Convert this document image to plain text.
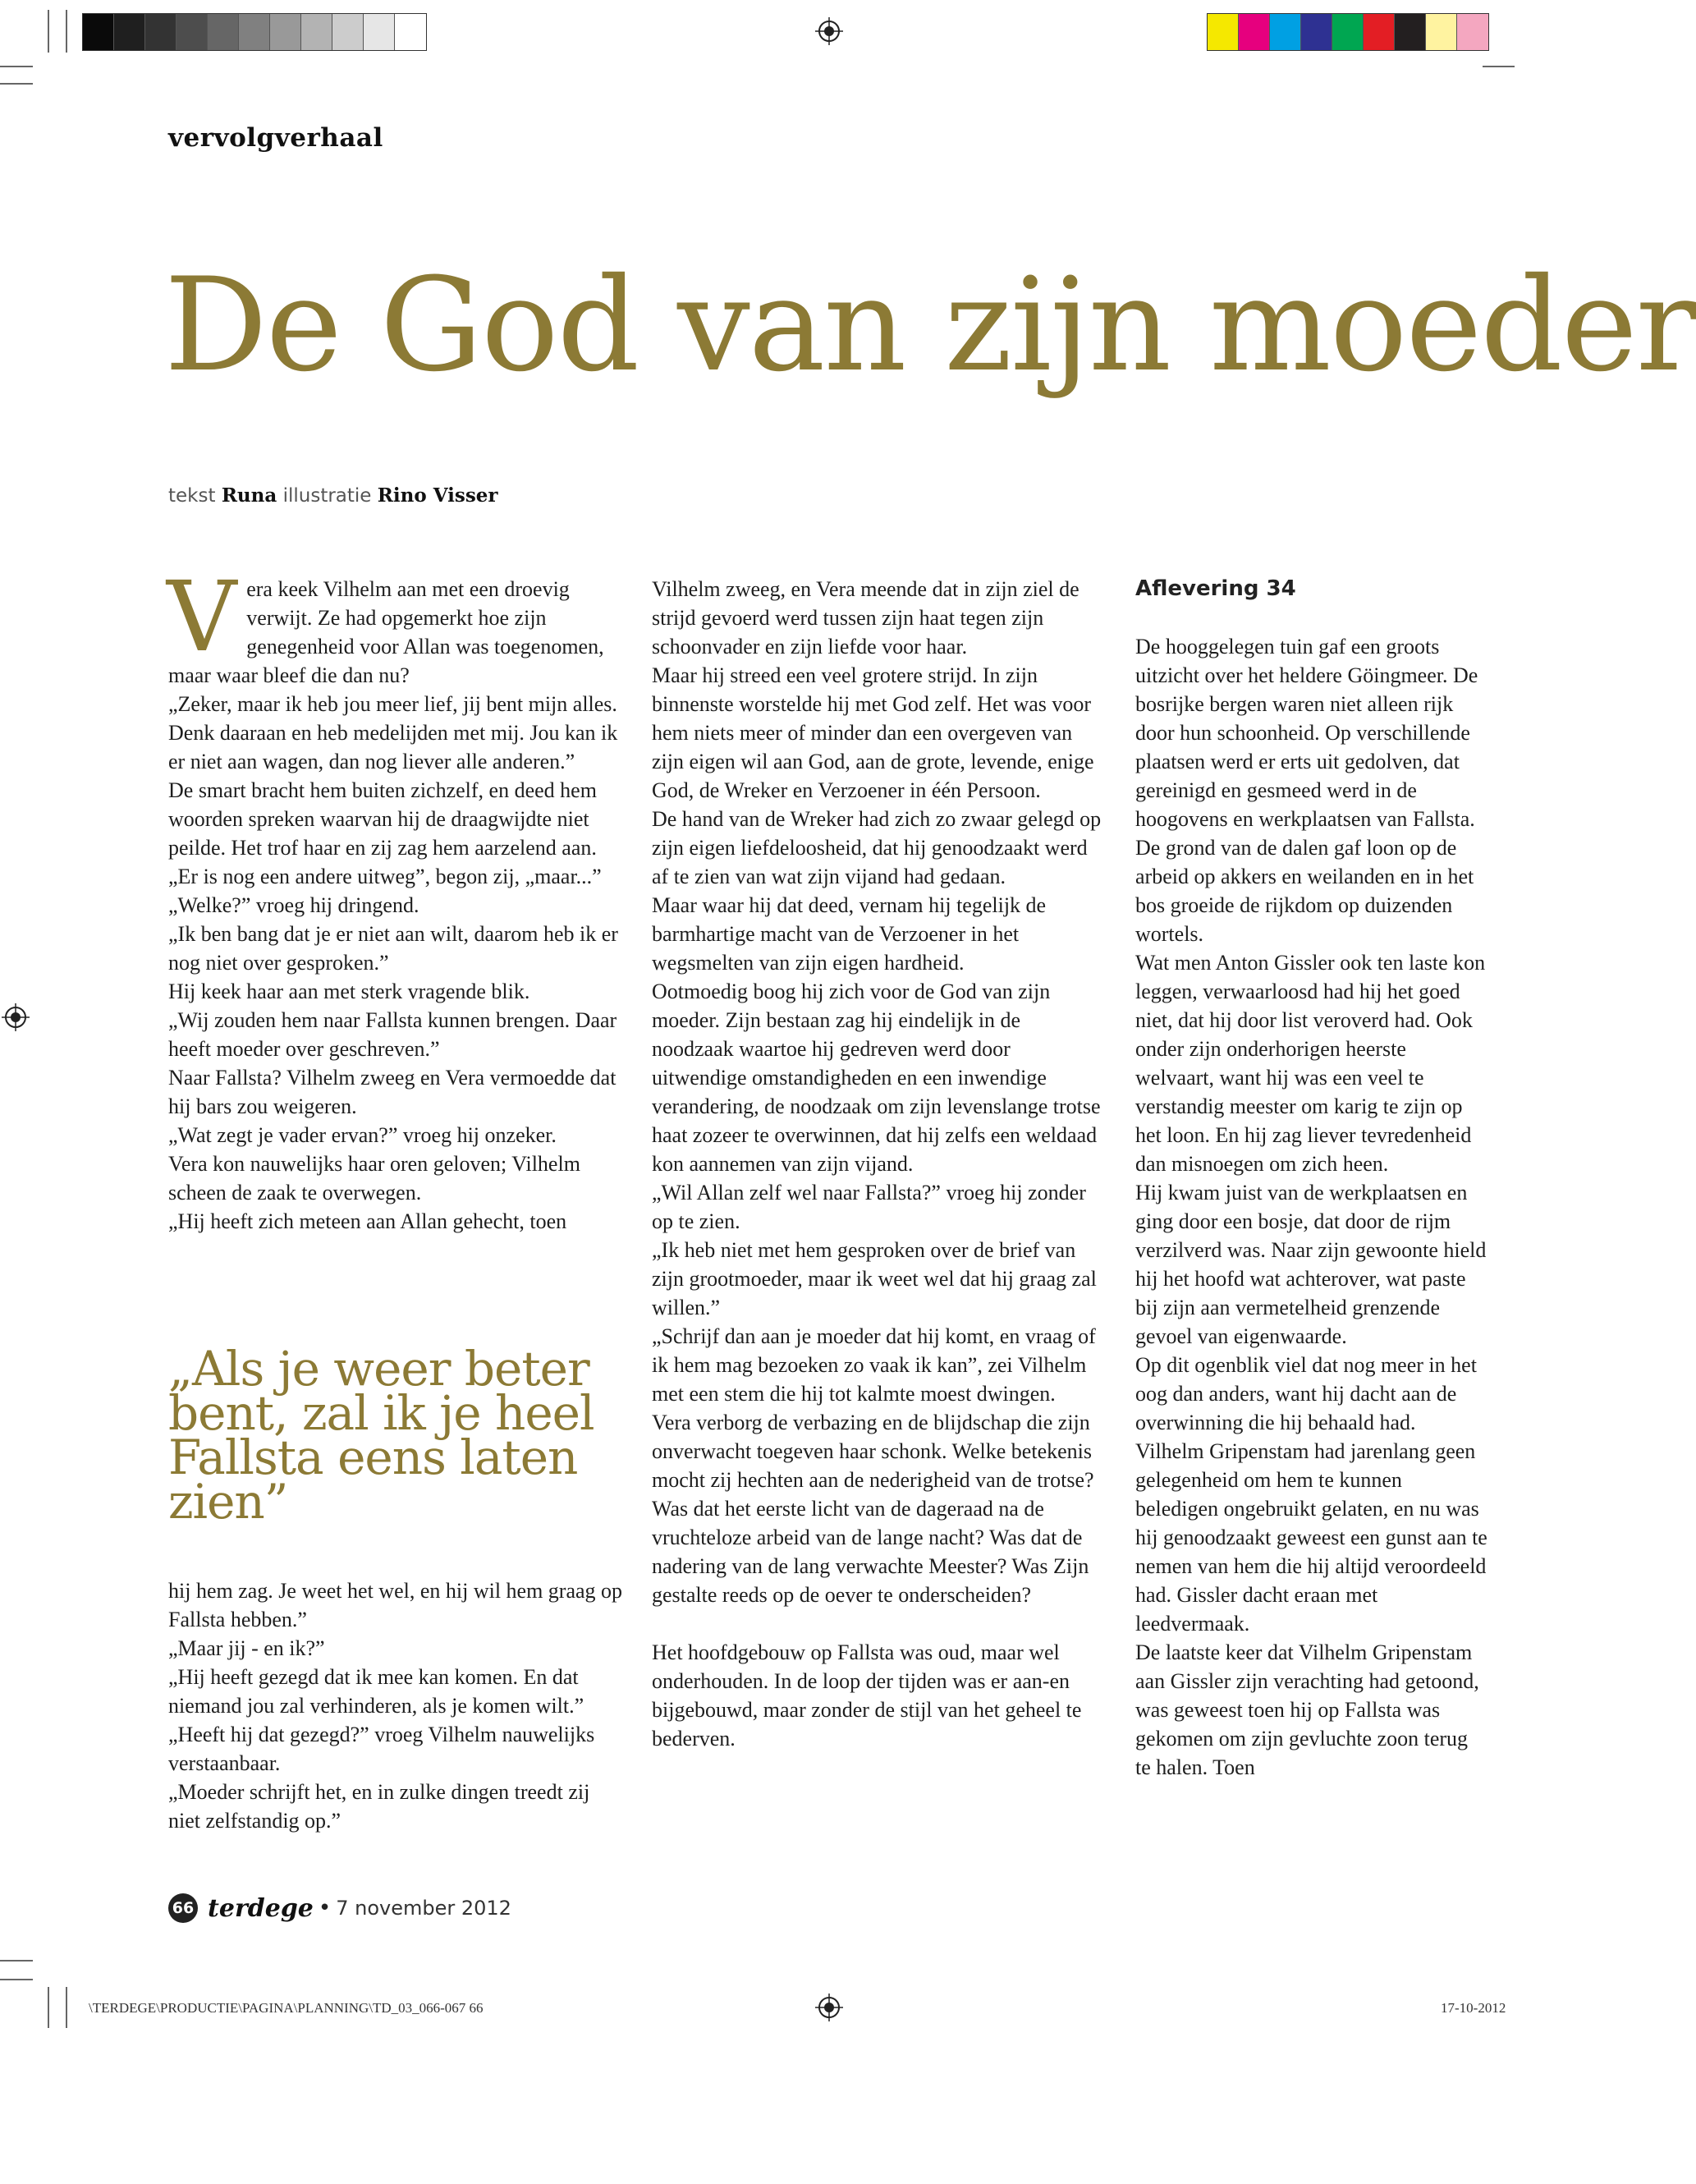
vervolgverhaal
De God van zijn moeder

tekst Runa illustratie Rino Visser

Vera keek Vilhelm aan met een droevig verwijt. Ze had opgemerkt hoe zijn genegenheid voor Allan was toegenomen, maar waar bleef die dan nu?

„Zeker, maar ik heb jou meer lief, jij bent mijn alles. Denk daaraan en heb medelijden met mij. Jou kan ik er niet aan wagen, dan nog liever alle anderen.”

De smart bracht hem buiten zichzelf, en deed hem woorden spreken waarvan hij de draagwijdte niet peilde. Het trof haar en zij zag hem aarzelend aan.

„Er is nog een andere uitweg”, begon zij, „maar...”

„Welke?” vroeg hij dringend.

„Ik ben bang dat je er niet aan wilt, daarom heb ik er nog niet over gesproken.”

Hij keek haar aan met sterk vragende blik.

„Wij zouden hem naar Fallsta kunnen brengen. Daar heeft moeder over geschreven.”

Naar Fallsta? Vilhelm zweeg en Vera vermoedde dat hij bars zou weigeren.

„Wat zegt je vader ervan?” vroeg hij onzeker.

Vera kon nauwelijks haar oren geloven; Vilhelm scheen de zaak te overwegen.

„Hij heeft zich meteen aan Allan gehecht, toen

„Als je weer beter bent, zal ik je heel Fallsta eens laten zien”

hij hem zag. Je weet het wel, en hij wil hem graag op Fallsta hebben.”

„Maar jij - en ik?”

„Hij heeft gezegd dat ik mee kan komen. En dat niemand jou zal verhinderen, als je komen wilt.”

„Heeft hij dat gezegd?” vroeg Vilhelm nauwelijks verstaanbaar.

„Moeder schrijft het, en in zulke dingen treedt zij niet zelfstandig op.”

Vilhelm zweeg, en Vera meende dat in zijn ziel de strijd gevoerd werd tussen zijn haat tegen zijn schoonvader en zijn liefde voor haar.

Maar hij streed een veel grotere strijd. In zijn binnenste worstelde hij met God zelf. Het was voor hem niets meer of minder dan een overgeven van zijn eigen wil aan God, aan de grote, levende, enige God, de Wreker en Verzoener in één Persoon.

De hand van de Wreker had zich zo zwaar gelegd op zijn eigen liefdeloosheid, dat hij genoodzaakt werd af te zien van wat zijn vijand had gedaan.

Maar waar hij dat deed, vernam hij tegelijk de barmhartige macht van de Verzoener in het wegsmelten van zijn eigen hardheid.

Ootmoedig boog hij zich voor de God van zijn moeder. Zijn bestaan zag hij eindelijk in de noodzaak waartoe hij gedreven werd door uitwendige omstandigheden en een inwendige verandering, de noodzaak om zijn levenslange trotse haat zozeer te overwinnen, dat hij zelfs een weldaad kon aannemen van zijn vijand.

„Wil Allan zelf wel naar Fallsta?” vroeg hij zonder op te zien.

„Ik heb niet met hem gesproken over de brief van zijn grootmoeder, maar ik weet wel dat hij graag zal willen.”

„Schrijf dan aan je moeder dat hij komt, en vraag of ik hem mag bezoeken zo vaak ik kan”, zei Vilhelm met een stem die hij tot kalmte moest dwingen.

Vera verborg de verbazing en de blijdschap die zijn onverwacht toegeven haar schonk. Welke betekenis mocht zij hechten aan de nederigheid van de trotse? Was dat het eerste licht van de dageraad na de vruchteloze arbeid van de lange nacht? Was dat de nadering van de lang verwachte Meester? Was Zijn gestalte reeds op de oever te onderscheiden?

Het hoofdgebouw op Fallsta was oud, maar wel onderhouden. In de loop der tijden was er aan-en bijgebouwd, maar zonder de stijl van het geheel te bederven.

Aflevering 34

De hooggelegen tuin gaf een groots uitzicht over het heldere Göingmeer. De bosrijke bergen waren niet alleen rijk door hun schoonheid. Op verschillende plaatsen werd er erts uit gedolven, dat gereinigd en gesmeed werd in de hoogovens en werkplaatsen van Fallsta. De grond van de dalen gaf loon op de arbeid op akkers en weilanden en in het bos groeide de rijkdom op duizenden wortels.

Wat men Anton Gissler ook ten laste kon leggen, verwaarloosd had hij het goed niet, dat hij door list veroverd had. Ook onder zijn onderhorigen heerste welvaart, want hij was een veel te verstandig meester om karig te zijn op het loon. En hij zag liever tevredenheid dan misnoegen om zich heen.

Hij kwam juist van de werkplaatsen en ging door een bosje, dat door de rijm verzilverd was. Naar zijn gewoonte hield hij het hoofd wat achterover, wat paste bij zijn aan vermetelheid grenzende gevoel van eigenwaarde.

Op dit ogenblik viel dat nog meer in het oog dan anders, want hij dacht aan de overwinning die hij behaald had. Vilhelm Gripenstam had jarenlang geen gelegenheid om hem te kunnen beledigen ongebruikt gelaten, en nu was hij genoodzaakt geweest een gunst aan te nemen van hem die hij altijd veroordeeld had. Gissler dacht eraan met leedvermaak.

De laatste keer dat Vilhelm Gripenstam aan Gissler zijn verachting had getoond, was geweest toen hij op Fallsta was gekomen om zijn gevluchte zoon terug te halen. Toen

66 terdege • 7 november 2012
\TERDEGE\PRODUCTIE\PAGINA\PLANNING\TD_03_066-067 66	17-10-2012
